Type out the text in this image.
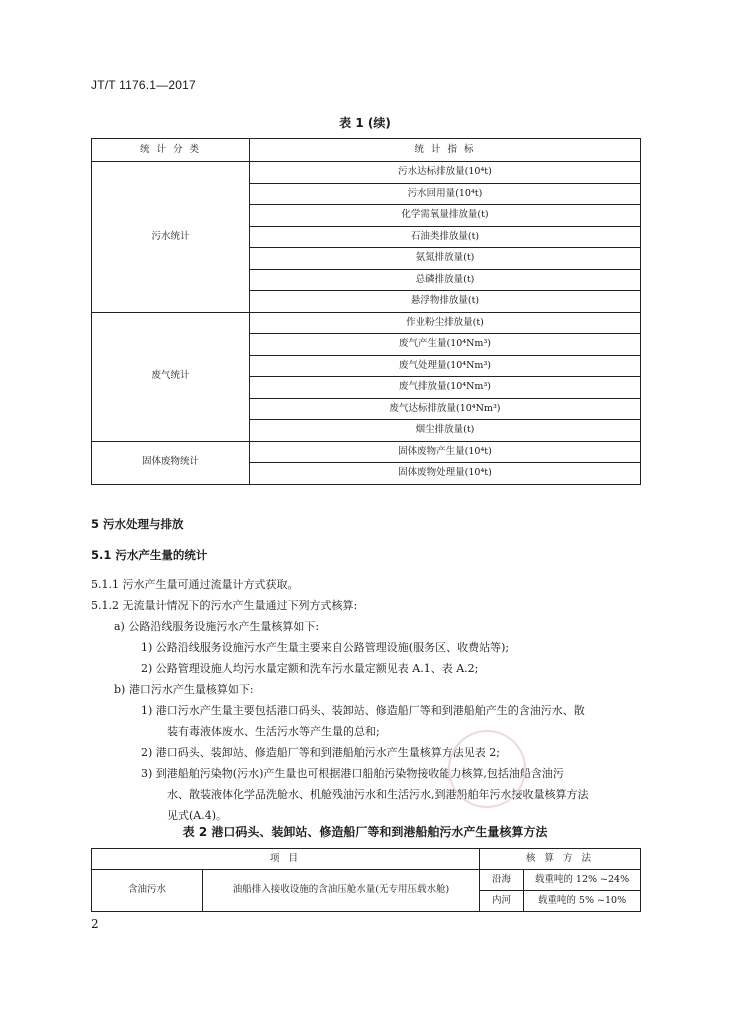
JT/T 1176.1—2017
表 1 (续)
统 计 分 类	统 计 指 标
污水统计	污水达标排放量(10⁴t)
	污水回用量(10⁴t)
	化学需氧量排放量(t)
	石油类排放量(t)
	氨氮排放量(t)
	总磷排放量(t)
	悬浮物排放量(t)
废气统计	作业粉尘排放量(t)
	废气产生量(10⁴Nm³)
	废气处理量(10⁴Nm³)
	废气排放量(10⁴Nm³)
	废气达标排放量(10⁴Nm³)
	烟尘排放量(t)
固体废物统计	固体废物产生量(10⁴t)
	固体废物处理量(10⁴t)
5 污水处理与排放
5.1 污水产生量的统计
5.1.1 污水产生量可通过流量计方式获取。
5.1.2 无流量计情况下的污水产生量通过下列方式核算:
a) 公路沿线服务设施污水产生量核算如下:
1) 公路沿线服务设施污水产生量主要来自公路管理设施(服务区、收费站等);
2) 公路管理设施人均污水量定额和洗车污水量定额见表 A.1、表 A.2;
b) 港口污水产生量核算如下:
1) 港口污水产生量主要包括港口码头、装卸站、修造船厂等和到港船舶产生的含油污水、散
装有毒液体废水、生活污水等产生量的总和;
2) 港口码头、装卸站、修造船厂等和到港船舶污水产生量核算方法见表 2;
3) 到港船舶污染物(污水)产生量也可根据港口船舶污染物接收能力核算,包括油船含油污
水、散装液体化学品洗舱水、机舱残油污水和生活污水,到港船舶年污水接收量核算方法
见式(A.4)。
表 2 港口码头、装卸站、修造船厂等和到港船舶污水产生量核算方法
项 目		核 算 方 法	
含油污水	油船排入接收设施的含油压舱水量(无专用压载水舱)	沿海	载重吨的 12% ~24%
		内河	载重吨的 5% ~10%
2
